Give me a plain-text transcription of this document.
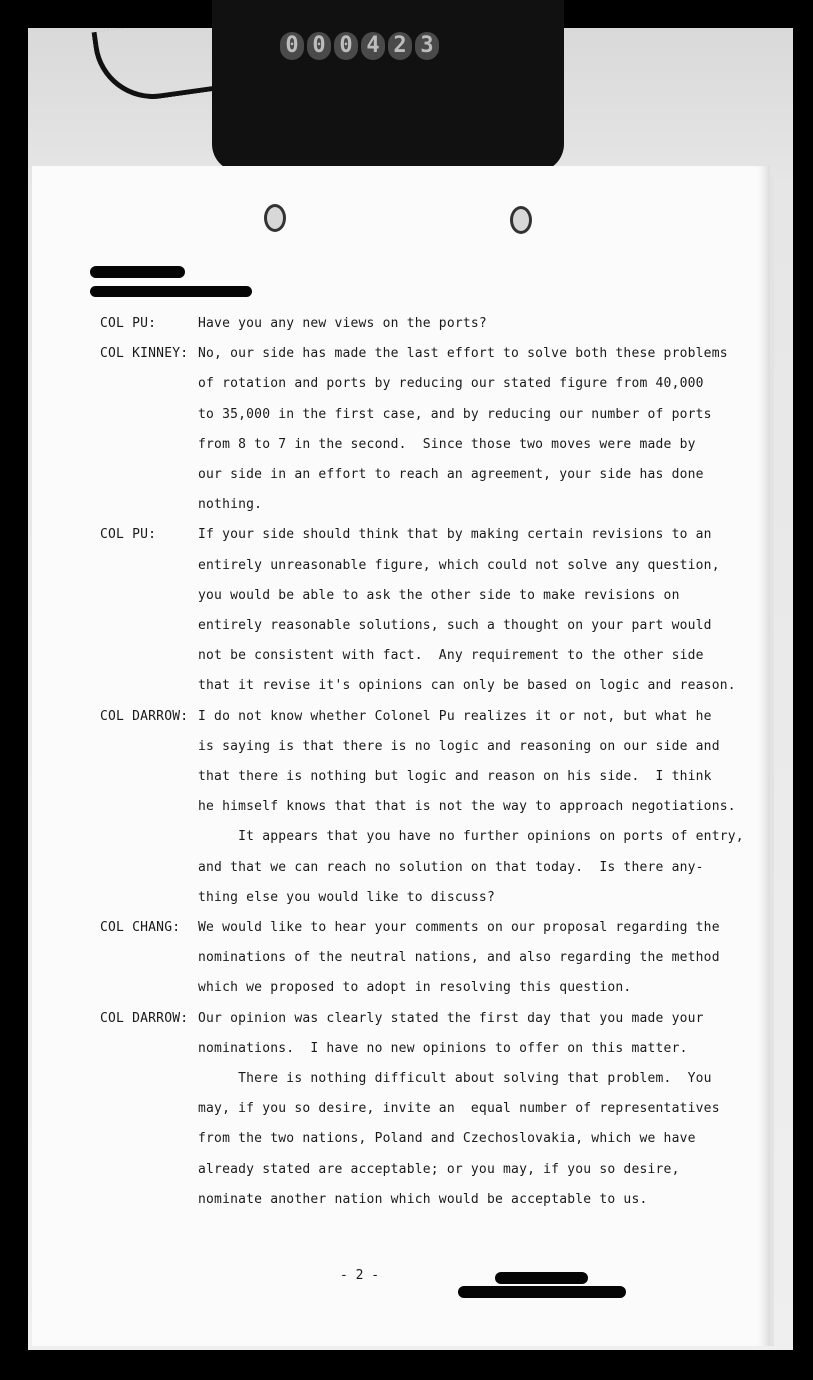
0 0 0 4 2 3
COL PU:	Have you any new views on the ports?
COL KINNEY: No, our side has made the last effort to solve both these problems
of rotation and ports by reducing our stated figure from 40,000
to 35,000 in the first case, and by reducing our number of ports
from 8 to 7 in the second.  Since those two moves were made by
our side in an effort to reach an agreement, your side has done
nothing.
COL PU:	If your side should think that by making certain revisions to an
entirely unreasonable figure, which could not solve any question,
you would be able to ask the other side to make revisions on
entirely reasonable solutions, such a thought on your part would
not be consistent with fact.  Any requirement to the other side
that it revise it's opinions can only be based on logic and reason.
COL DARROW: I do not know whether Colonel Pu realizes it or not, but what he
is saying is that there is no logic and reasoning on our side and
that there is nothing but logic and reason on his side.  I think
he himself knows that that is not the way to approach negotiations.
It appears that you have no further opinions on ports of entry,
and that we can reach no solution on that today.  Is there any-
thing else you would like to discuss?
COL CHANG: We would like to hear your comments on our proposal regarding the
nominations of the neutral nations, and also regarding the method
which we proposed to adopt in resolving this question.
COL DARROW: Our opinion was clearly stated the first day that you made your
nominations.  I have no new opinions to offer on this matter.
There is nothing difficult about solving that problem.  You
may, if you so desire, invite an  equal number of representatives
from the two nations, Poland and Czechoslovakia, which we have
already stated are acceptable; or you may, if you so desire,
nominate another nation which would be acceptable to us.
- 2 -
